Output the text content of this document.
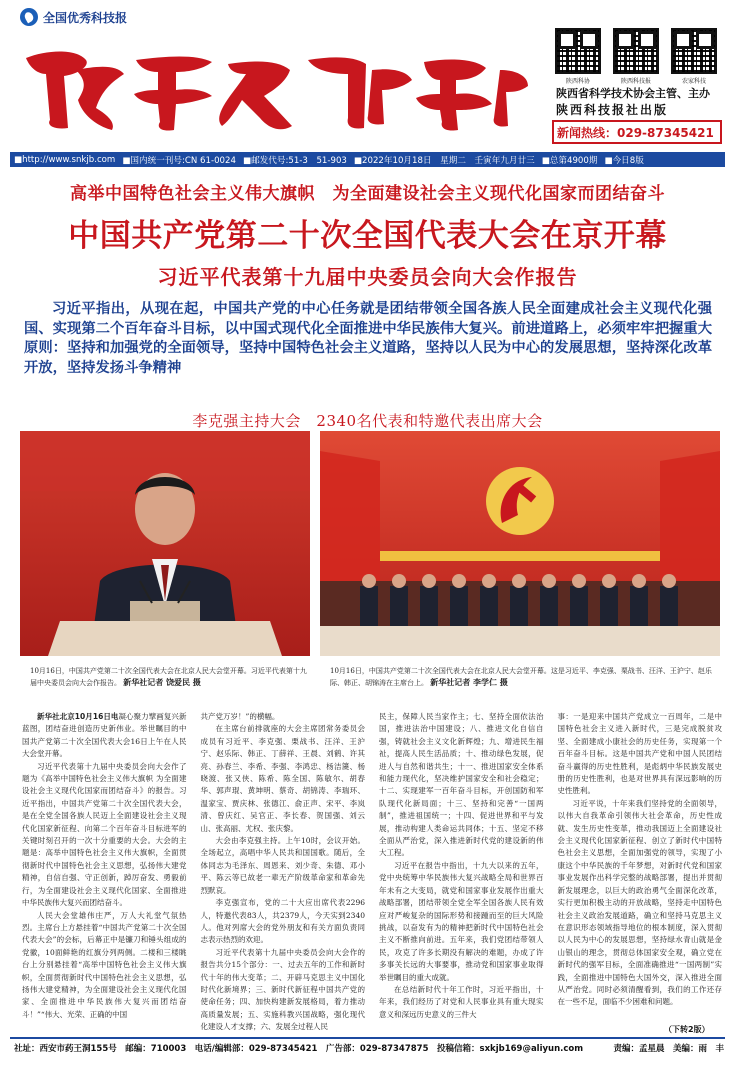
全国优秀科技报
陕西科协	陕西科技报	农家科技
陕西省科学技术协会主管、主办
陕西科技报社出版
新闻热线：029-87345421
■http://www.snkjb.com ■国内统一刊号:CN 61-0024 ■邮发代号:51-3　51-903 ■2022年10月18日　星期二　壬寅年九月廿三 ■总第4900期 ■今日8版
高举中国特色社会主义伟大旗帜　为全面建设社会主义现代化国家而团结奋斗
中国共产党第二十次全国代表大会在京开幕
习近平代表第十九届中央委员会向大会作报告
习近平指出，从现在起，中国共产党的中心任务就是团结带领全国各族人民全面建成社会主义现代化强国、实现第二个百年奋斗目标，以中国式现代化全面推进中华民族伟大复兴。前进道路上，必须牢牢把握重大原则：坚持和加强党的全面领导，坚持中国特色社会主义道路，坚持以人民为中心的发展思想，坚持深化改革开放，坚持发扬斗争精神
李克强主持大会　2340名代表和特邀代表出席大会
10月16日，中国共产党第二十次全国代表大会在北京人民大会堂开幕。习近平代表第十九届中央委员会向大会作报告。 新华社记者 饶爱民 摄
10月16日，中国共产党第二十次全国代表大会在北京人民大会堂开幕。这是习近平、李克强、栗战书、汪洋、王沪宁、赵乐际、韩正、胡锦涛在主席台上。 新华社记者 李学仁 摄

新华社北京10月16日电凝心聚力擘画复兴新蓝图，团结奋进创造历史新伟业。举世瞩目的中国共产党第二十次全国代表大会16日上午在人民大会堂开幕。

习近平代表第十九届中央委员会向大会作了题为《高举中国特色社会主义伟大旗帜 为全面建设社会主义现代化国家而团结奋斗》的报告。习近平指出，中国共产党第二十次全国代表大会，是在全党全国各族人民迈上全面建设社会主义现代化国家新征程、向第二个百年奋斗目标进军的关键时刻召开的一次十分重要的大会。大会的主题是：高举中国特色社会主义伟大旗帜，全面贯彻新时代中国特色社会主义思想，弘扬伟大建党精神，自信自强、守正创新，踔厉奋发、勇毅前行，为全面建设社会主义现代化国家、全面推进中华民族伟大复兴而团结奋斗。

人民大会堂雄伟庄严，万人大礼堂气氛热烈。主席台上方悬挂着“中国共产党第二十次全国代表大会”的会标，后幕正中是镰刀和锤头组成的党徽，10面鲜艳的红旗分列两侧。二楼和三楼眺台上分别悬挂着“高举中国特色社会主义伟大旗帜，全面贯彻新时代中国特色社会主义思想，弘扬伟大建党精神，为全面建设社会主义现代化国家、全面推进中华民族伟大复兴而团结奋斗！”“伟大、光荣、正确的中国

共产党万岁！”的横幅。

在主席台前排就座的大会主席团常务委员会成员有习近平、李克强、栗战书、汪洋、王沪宁、赵乐际、韩正、丁薛祥、王晨、刘鹤、许其亮、孙春兰、李希、李强、李鸿忠、杨洁篪、杨晓渡、张又侠、陈希、陈全国、陈敏尔、胡春华、郭声琨、黄坤明、蔡奇、胡锦涛、李瑞环、温家宝、贾庆林、张德江、俞正声、宋平、李岚清、曾庆红、吴官正、李长春、贺国强、刘云山、张高丽、尤权、张庆黎。

大会由李克强主持。上午10时，会议开始。全场起立，高唱中华人民共和国国歌。随后，全体同志为毛泽东、周恩来、刘少奇、朱德、邓小平、陈云等已故老一辈无产阶级革命家和革命先烈默哀。

李克强宣布，党的二十大应出席代表2296人，特邀代表83人，共2379人，今天实到2340人。他对列席大会的党外朋友和有关方面负责同志表示热烈的欢迎。

习近平代表第十九届中央委员会向大会作的报告共分15个部分：一、过去五年的工作和新时代十年的伟大变革；二、开辟马克思主义中国化时代化新境界；三、新时代新征程中国共产党的使命任务；四、加快构建新发展格局，着力推动高质量发展；五、实施科教兴国战略，强化现代化建设人才支撑；六、发展全过程人民

民主，保障人民当家作主；七、坚持全面依法治国，推进法治中国建设；八、推进文化自信自强，铸就社会主义文化新辉煌；九、增进民生福祉，提高人民生活品质；十、推动绿色发展，促进人与自然和谐共生；十一、推进国家安全体系和能力现代化，坚决维护国家安全和社会稳定；十二、实现建军一百年奋斗目标，开创国防和军队现代化新局面；十三、坚持和完善“一国两制”，推进祖国统一；十四、促进世界和平与发展，推动构建人类命运共同体；十五、坚定不移全面从严治党，深入推进新时代党的建设新的伟大工程。

习近平在报告中指出，十九大以来的五年，党中央统筹中华民族伟大复兴战略全局和世界百年未有之大变局，就党和国家事业发展作出重大战略部署，团结带领全党全军全国各族人民有效应对严峻复杂的国际形势和接踵而至的巨大风险挑战，以奋发有为的精神把新时代中国特色社会主义不断推向前进。五年来，我们党团结带领人民，攻克了许多长期没有解决的难题，办成了许多事关长远的大事要事，推动党和国家事业取得举世瞩目的重大成就。

在总结新时代十年工作时，习近平指出，十年来，我们经历了对党和人民事业具有重大现实意义和深远历史意义的三件大

事：一是迎来中国共产党成立一百周年，二是中国特色社会主义进入新时代，三是完成脱贫攻坚、全面建成小康社会的历史任务，实现第一个百年奋斗目标。这是中国共产党和中国人民团结奋斗赢得的历史性胜利，是彪炳中华民族发展史册的历史性胜利，也是对世界具有深远影响的历史性胜利。

习近平说，十年来我们坚持党的全面领导，以伟大自我革命引领伟大社会革命，历史性成就、发生历史性变革，推动我国迈上全面建设社会主义现代化国家新征程、创立了新时代中国特色社会主义思想，全面加强党的领导，实现了小康这个中华民族的千年梦想，对新时代党和国家事业发展作出科学完整的战略部署，提出并贯彻新发展理念，以巨大的政治勇气全面深化改革，实行更加积极主动的开放战略，坚持走中国特色社会主义政治发展道路，确立和坚持马克思主义在意识形态领域指导地位的根本制度，深入贯彻以人民为中心的发展思想，坚持绿水青山就是金山银山的理念，贯彻总体国家安全观，确立党在新时代的强军目标，全面准确推进“一国两制”实践，全面推进中国特色大国外交，深入推进全面从严治党。同时必须清醒看到，我们的工作还存在一些不足，面临不少困难和问题。

（下转2版）
社址：西安市药王洞155号　邮编：710003　电话/编辑部：029-87345421　广告部：029-87347875　投稿信箱：sxkjb169@aliyun.com	责编：孟星晨　美编：雨　丰
